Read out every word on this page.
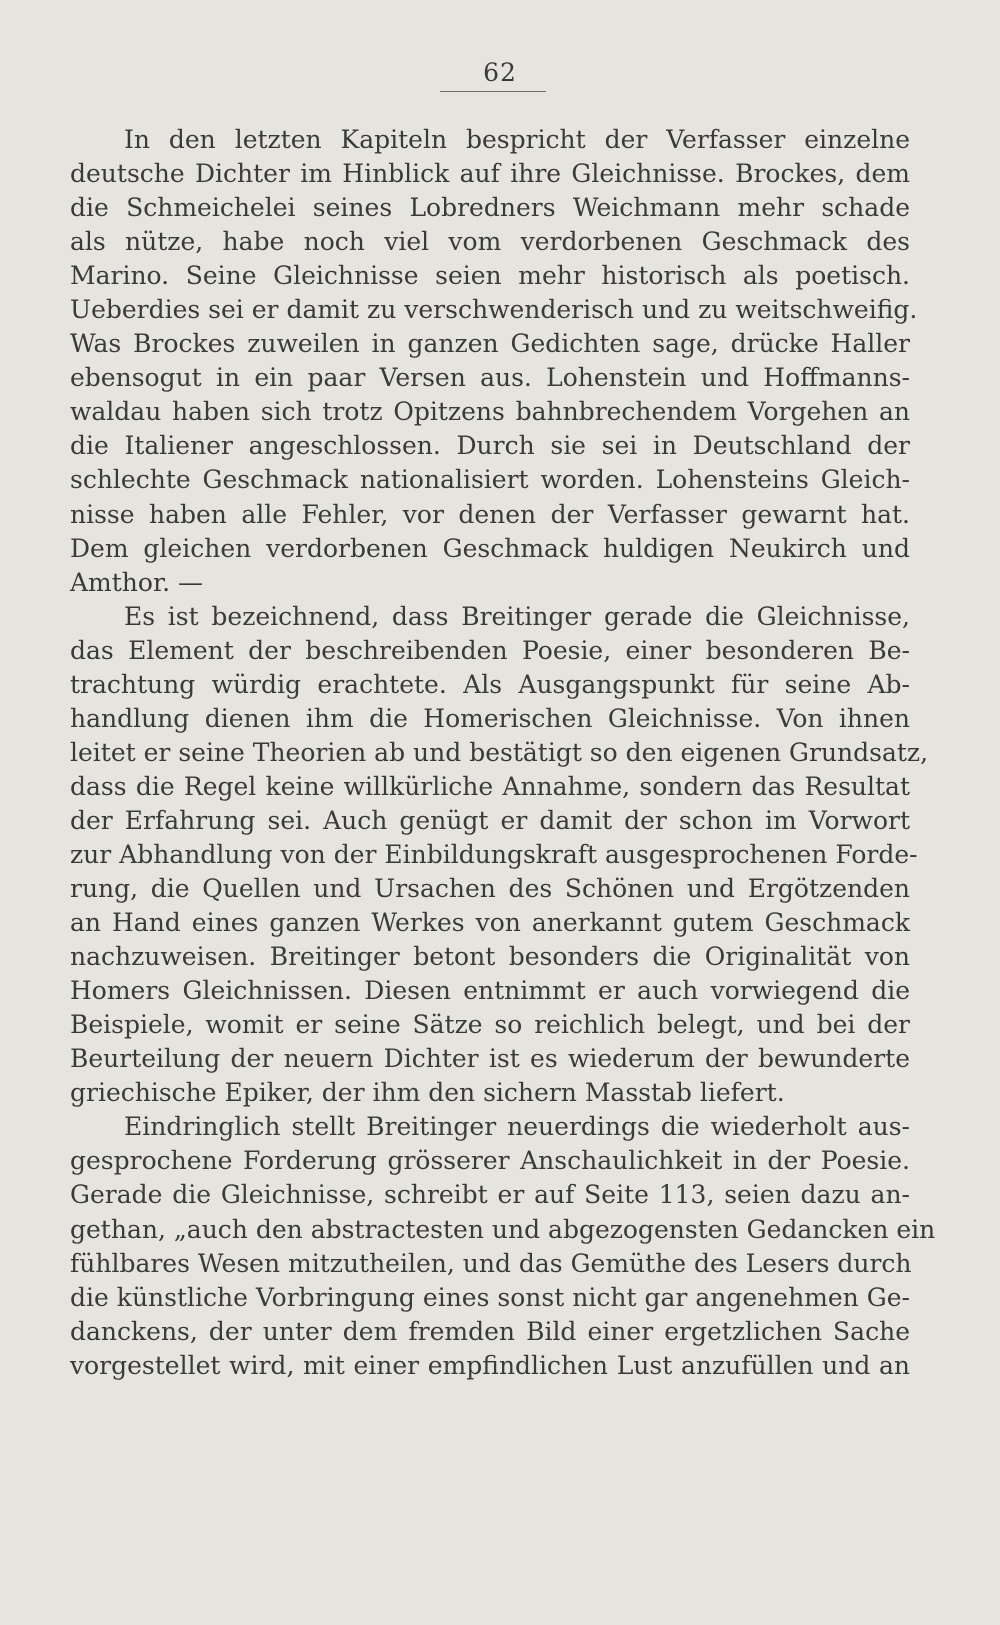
62
In den letzten Kapiteln bespricht der Verfasser einzelne
deutsche Dichter im Hinblick auf ihre Gleichnisse. Brockes, dem
die Schmeichelei seines Lobredners Weichmann mehr schade
als nütze, habe noch viel vom verdorbenen Geschmack des
Marino. Seine Gleichnisse seien mehr historisch als poetisch.
Ueberdies sei er damit zu verschwenderisch und zu weitschweifig.
Was Brockes zuweilen in ganzen Gedichten sage, drücke Haller
ebensogut in ein paar Versen aus. Lohenstein und Hoffmanns-
waldau haben sich trotz Opitzens bahnbrechendem Vorgehen an
die Italiener angeschlossen. Durch sie sei in Deutschland der
schlechte Geschmack nationalisiert worden. Lohensteins Gleich-
nisse haben alle Fehler, vor denen der Verfasser gewarnt hat.
Dem gleichen verdorbenen Geschmack huldigen Neukirch und
Amthor. —
Es ist bezeichnend, dass Breitinger gerade die Gleichnisse,
das Element der beschreibenden Poesie, einer besonderen Be-
trachtung würdig erachtete. Als Ausgangspunkt für seine Ab-
handlung dienen ihm die Homerischen Gleichnisse. Von ihnen
leitet er seine Theorien ab und bestätigt so den eigenen Grundsatz,
dass die Regel keine willkürliche Annahme, sondern das Resultat
der Erfahrung sei. Auch genügt er damit der schon im Vorwort
zur Abhandlung von der Einbildungskraft ausgesprochenen Forde-
rung, die Quellen und Ursachen des Schönen und Ergötzenden
an Hand eines ganzen Werkes von anerkannt gutem Geschmack
nachzuweisen. Breitinger betont besonders die Originalität von
Homers Gleichnissen. Diesen entnimmt er auch vorwiegend die
Beispiele, womit er seine Sätze so reichlich belegt, und bei der
Beurteilung der neuern Dichter ist es wiederum der bewunderte
griechische Epiker, der ihm den sichern Masstab liefert.
Eindringlich stellt Breitinger neuerdings die wiederholt aus-
gesprochene Forderung grösserer Anschaulichkeit in der Poesie.
Gerade die Gleichnisse, schreibt er auf Seite 113, seien dazu an-
gethan, „auch den abstractesten und abgezogensten Gedancken ein
fühlbares Wesen mitzutheilen, und das Gemüthe des Lesers durch
die künstliche Vorbringung eines sonst nicht gar angenehmen Ge-
danckens, der unter dem fremden Bild einer ergetzlichen Sache
vorgestellet wird, mit einer empfindlichen Lust anzufüllen und an
